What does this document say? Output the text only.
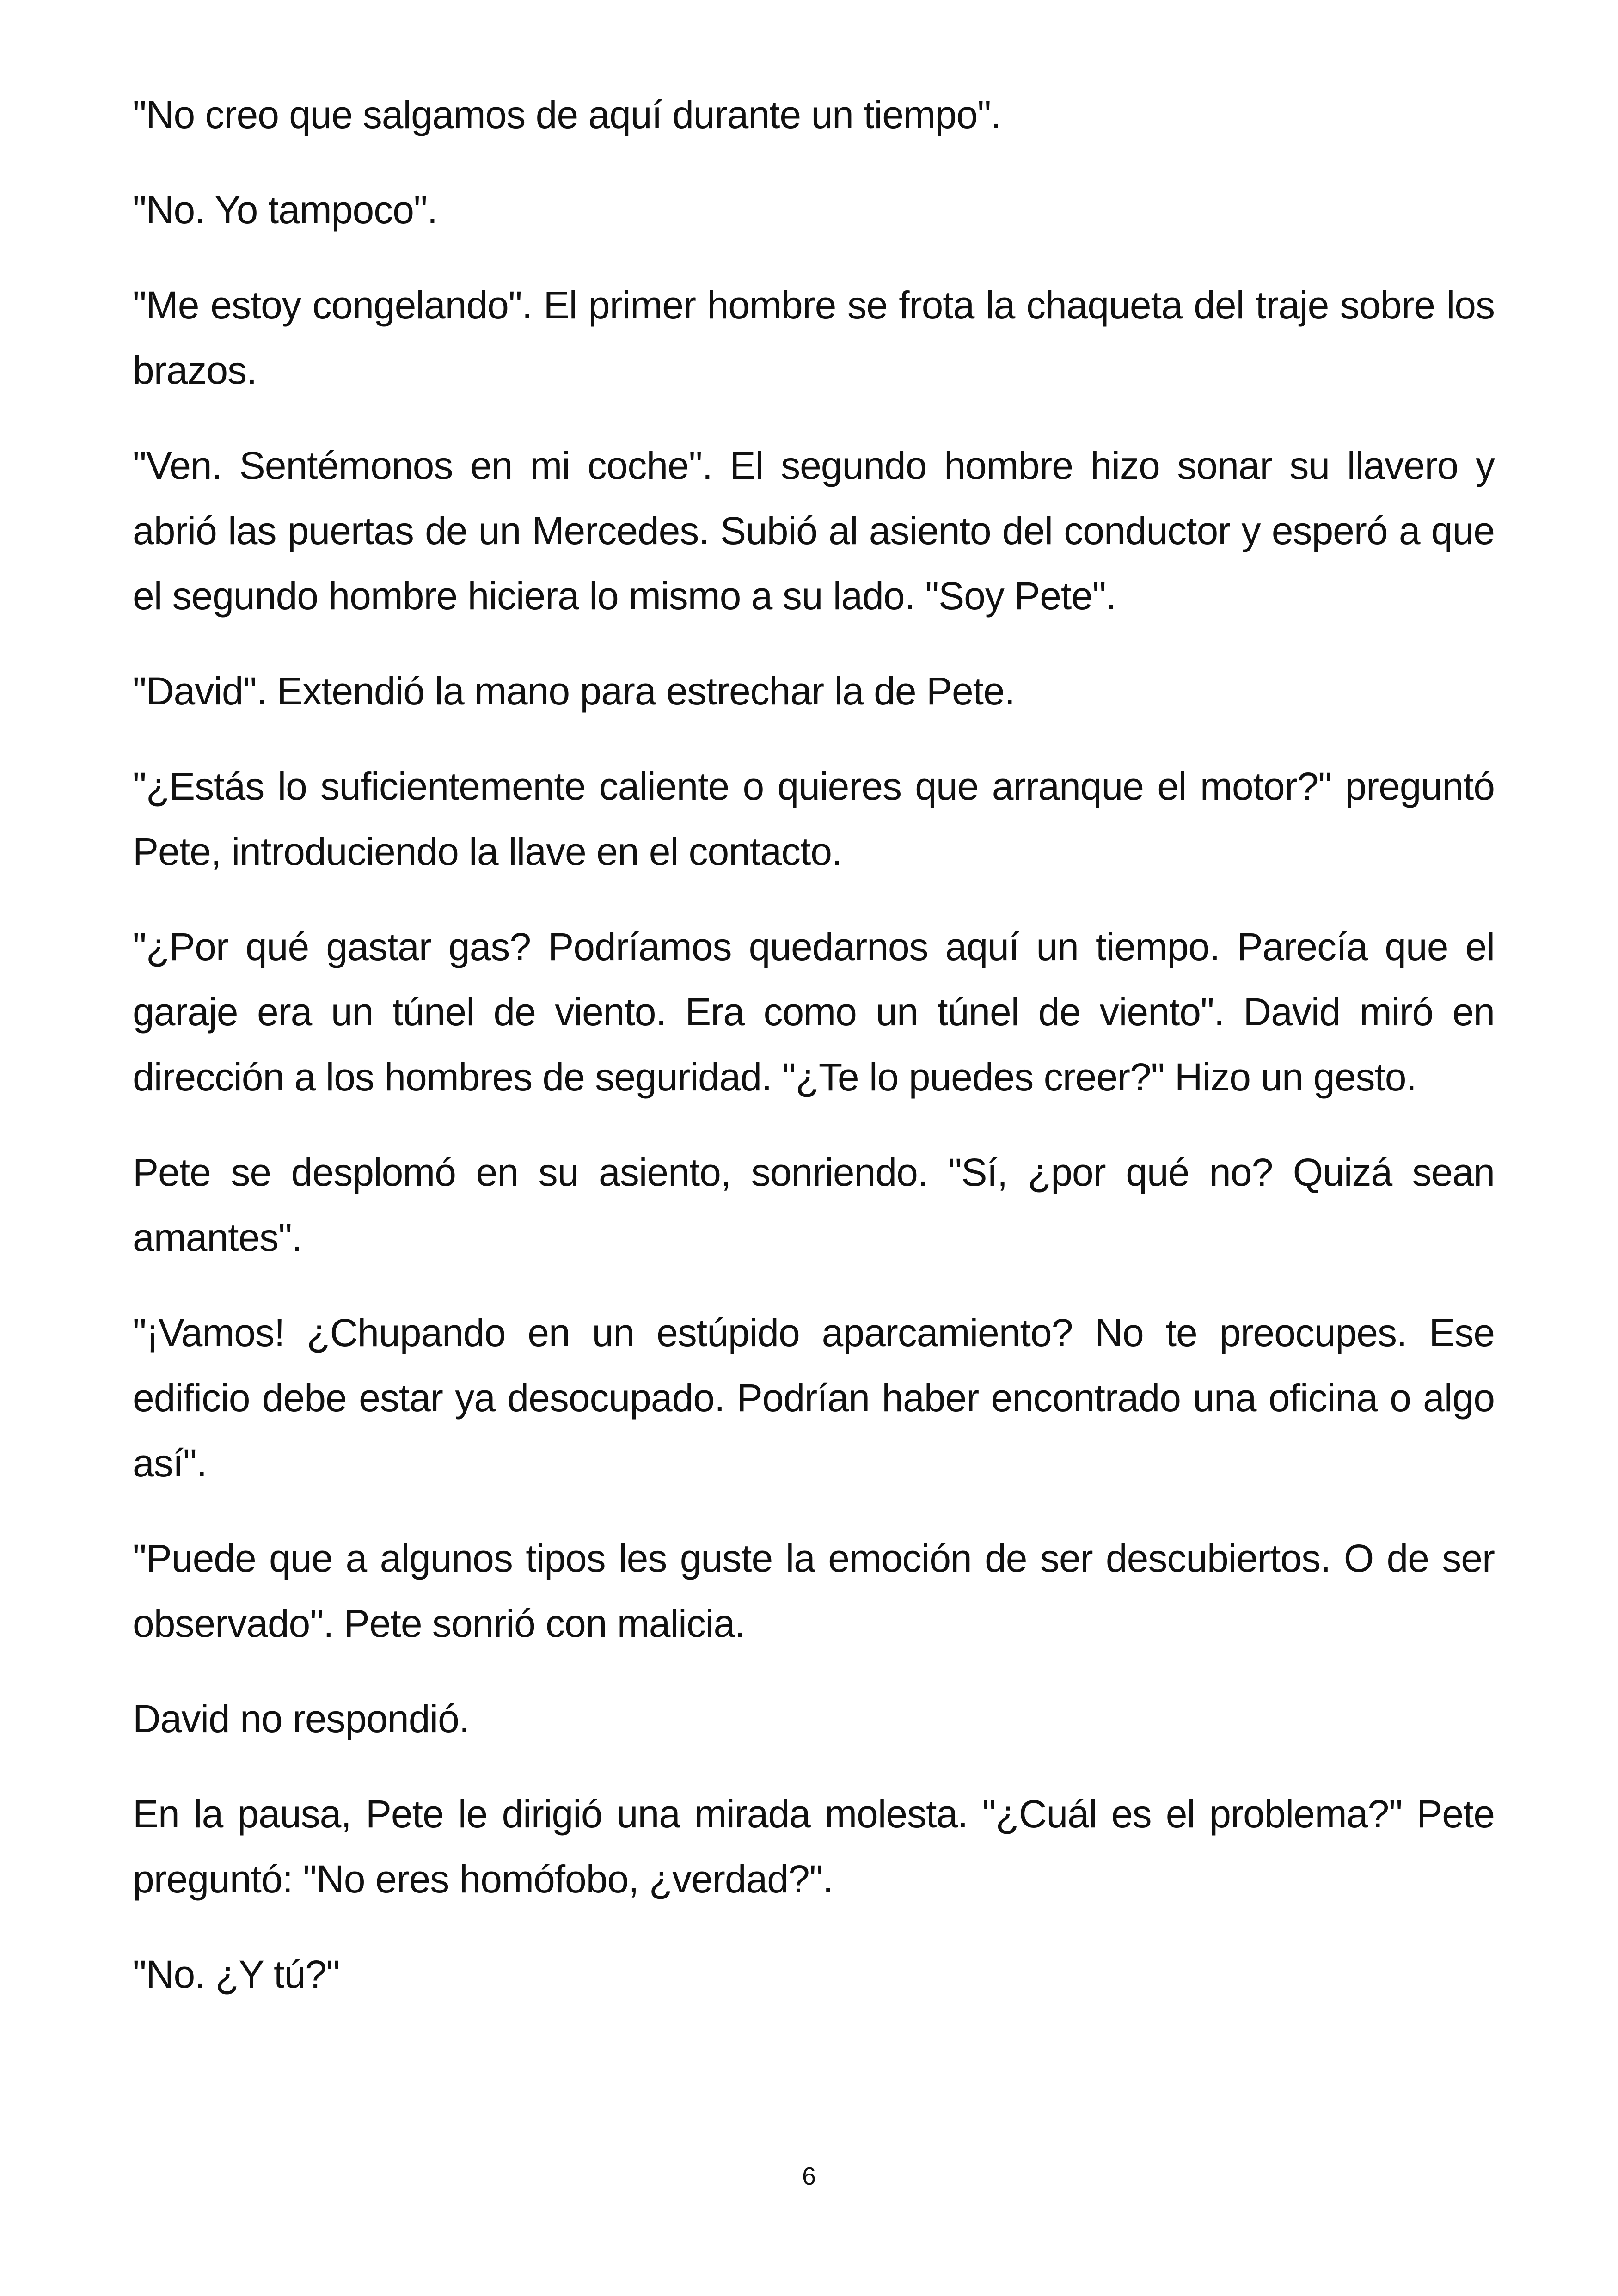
"No creo que salgamos de aquí durante un tiempo".

"No. Yo tampoco".

"Me estoy congelando". El primer hombre se frota la chaqueta del traje sobre los brazos.

"Ven. Sentémonos en mi coche". El segundo hombre hizo sonar su llavero y abrió las puertas de un Mercedes. Subió al asiento del conductor y esperó a que el segundo hombre hiciera lo mismo a su lado. "Soy Pete".

"David". Extendió la mano para estrechar la de Pete.

"¿Estás lo suficientemente caliente o quieres que arranque el motor?" preguntó Pete, introduciendo la llave en el contacto.

"¿Por qué gastar gas? Podríamos quedarnos aquí un tiempo. Parecía que el garaje era un túnel de viento. Era como un túnel de viento". David miró en dirección a los hombres de seguridad. "¿Te lo puedes creer?" Hizo un gesto.

Pete se desplomó en su asiento, sonriendo. "Sí, ¿por qué no? Quizá sean amantes".

"¡Vamos! ¿Chupando en un estúpido aparcamiento? No te preocupes. Ese edificio debe estar ya desocupado. Podrían haber encontrado una oficina o algo así".

"Puede que a algunos tipos les guste la emoción de ser descubiertos. O de ser observado". Pete sonrió con malicia.

David no respondió.

En la pausa, Pete le dirigió una mirada molesta. "¿Cuál es el problema?" Pete preguntó: "No eres homófobo, ¿verdad?".

"No. ¿Y tú?"

6
